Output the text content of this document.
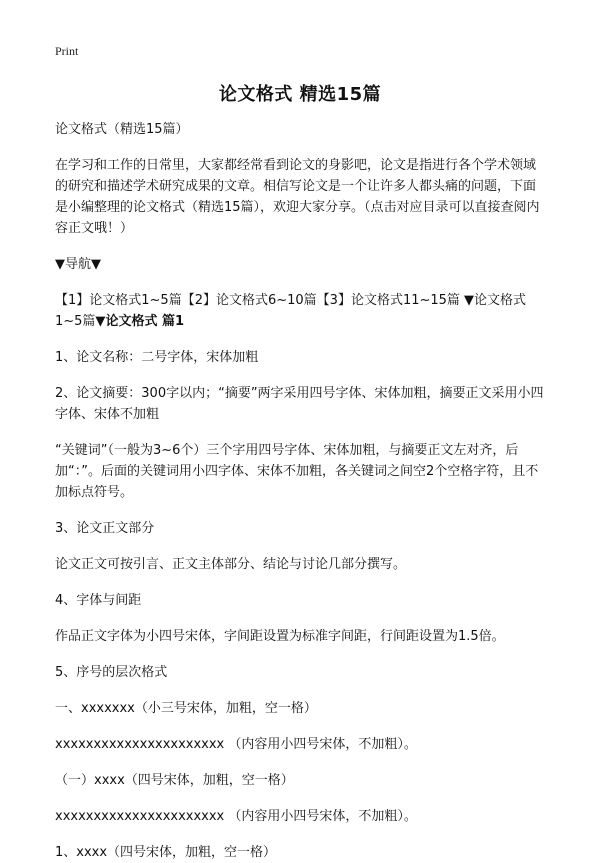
Print
论文格式 精选15篇

论文格式（精选15篇）

在学习和工作的日常里，大家都经常看到论文的身影吧，论文是指进行各个学术领域的研究和描述学术研究成果的文章。相信写论文是一个让许多人都头痛的问题，下面是小编整理的论文格式（精选15篇），欢迎大家分享。（点击对应目录可以直接查阅内容正文哦！）

▼导航▼

【1】论文格式1~5篇【2】论文格式6~10篇【3】论文格式11~15篇 ▼论文格式1~5篇▼论文格式 篇1

1、论文名称：二号字体，宋体加粗

2、论文摘要：300字以内；“摘要”两字采用四号字体、宋体加粗，摘要正文采用小四字体、宋体不加粗

“关键词”（一般为3~6个）三个字用四号字体、宋体加粗，与摘要正文左对齐，后加“：”。后面的关键词用小四字体、宋体不加粗，各关键词之间空2个空格字符，且不加标点符号。

3、论文正文部分

论文正文可按引言、正文主体部分、结论与讨论几部分撰写。

4、字体与间距

作品正文字体为小四号宋体，字间距设置为标准字间距，行间距设置为1.5倍。

5、序号的层次格式

一、xxxxxxx（小三号宋体，加粗，空一格）

xxxxxxxxxxxxxxxxxxxxxx （内容用小四号宋体，不加粗）。

（一）xxxx（四号宋体，加粗，空一格）

xxxxxxxxxxxxxxxxxxxxxx （内容用小四号宋体，不加粗）。

1、xxxx（四号宋体，加粗，空一格）
